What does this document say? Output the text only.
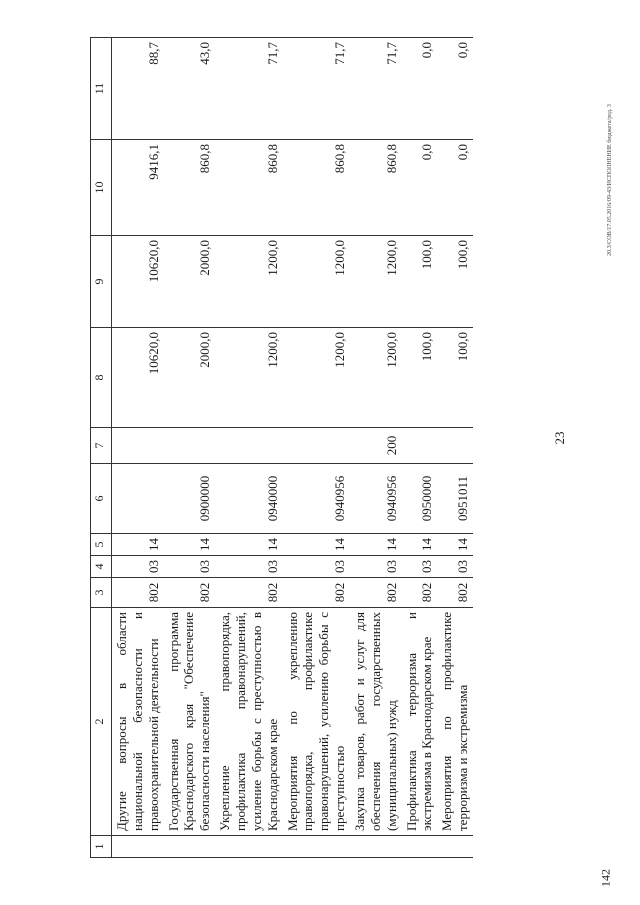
23
142
20.3/СОВ/17.05.2016/09-43/ИСПОЛНЕНИЕ бюджета/ред. 3
1	2	3	4	5	6	7	8	9	10	11
	Другие вопросы в области национальной безопасности и правоохранительной деятельности	802	03	14			10620,0	10620,0	9416,1	88,7
	Государственная программа Краснодарского края "Обеспечение безопасности населения"	802	03	14	0900000		2000,0	2000,0	860,8	43,0
	Укрепление правопорядка, профилактика правонарушений, усиление борьбы с преступностью в Краснодарском крае	802	03	14	0940000		1200,0	1200,0	860,8	71,7
	Мероприятия по укреплению правопорядка, профилактике правонарушений, усилению борьбы с преступностью	802	03	14	0940956		1200,0	1200,0	860,8	71,7
	Закупка товаров, работ и услуг для обеспечения государственных (муниципальных) нужд	802	03	14	0940956	200	1200,0	1200,0	860,8	71,7
	Профилактика терроризма и экстремизма в Краснодарском крае	802	03	14	0950000		100,0	100,0	0,0	0,0
	Мероприятия по профилактике терроризма и экстремизма	802	03	14	0951011		100,0	100,0	0,0	0,0
